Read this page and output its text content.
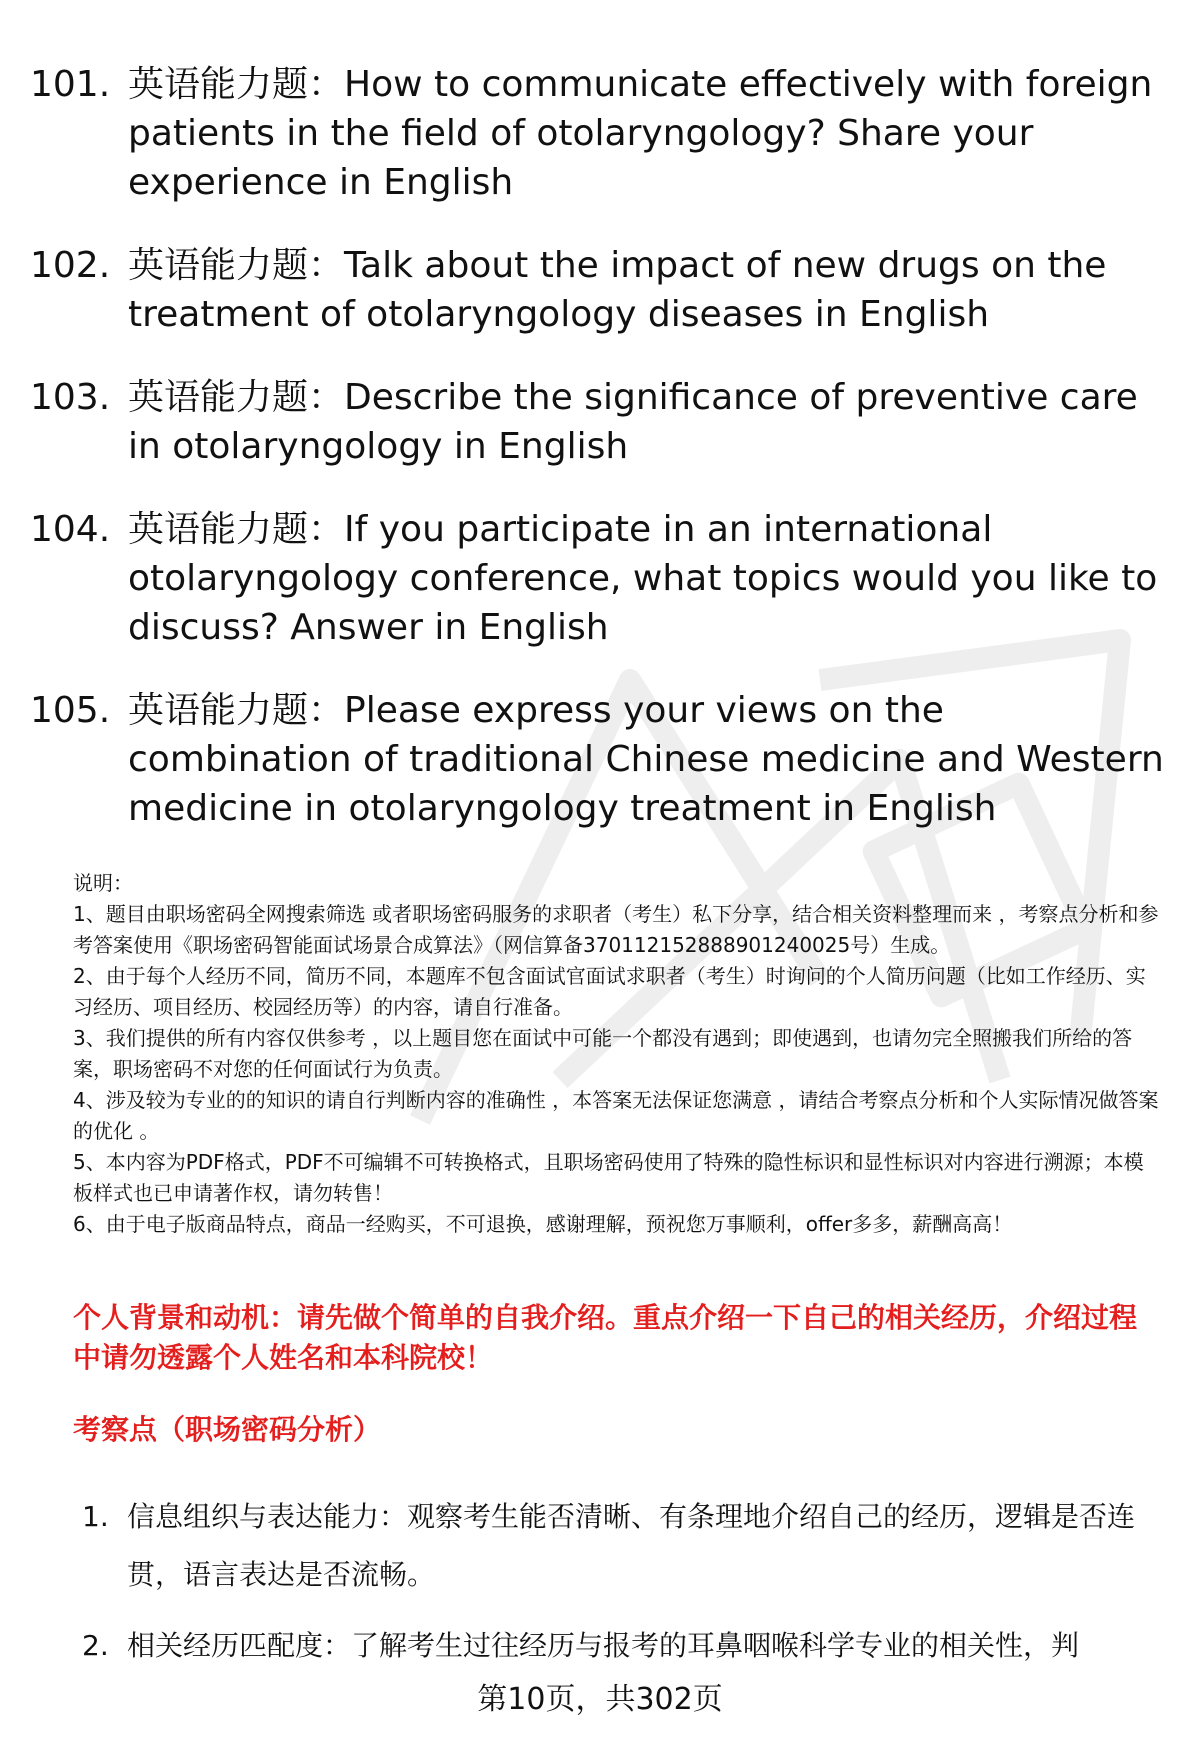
101. 英语能力题：How to communicate effectively with foreign patients in the field of otolaryngology? Share your experience in English
102. 英语能力题：Talk about the impact of new drugs on the treatment of otolaryngology diseases in English
103. 英语能力题：Describe the significance of preventive care in otolaryngology in English
104. 英语能力题：If you participate in an international otolaryngology conference, what topics would you like to discuss? Answer in English
105. 英语能力题：Please express your views on the combination of traditional Chinese medicine and Western medicine in otolaryngology treatment in English

说明：

1、题目由职场密码全网搜索筛选 或者职场密码服务的求职者（考生）私下分享，结合相关资料整理而来 ，考察点分析和参考答案使用《职场密码智能面试场景合成算法》（网信算备370112152888901240025号）生成。

2、由于每个人经历不同，简历不同，本题库不包含面试官面试求职者（考生）时询问的个人简历问题（比如工作经历、实习经历、项目经历、校园经历等）的内容，请自行准备。

3、我们提供的所有内容仅供参考 ，以上题目您在面试中可能一个都没有遇到；即使遇到，也请勿完全照搬我们所给的答案，职场密码不对您的任何面试行为负责。

4、涉及较为专业的的知识的请自行判断内容的准确性 ，本答案无法保证您满意 ，请结合考察点分析和个人实际情况做答案的优化 。

5、本内容为PDF格式，PDF不可编辑不可转换格式，且职场密码使用了特殊的隐性标识和显性标识对内容进行溯源；本模板样式也已申请著作权，请勿转售！

6、由于电子版商品特点，商品一经购买，不可退换，感谢理解，预祝您万事顺利，offer多多，薪酬高高！

个人背景和动机：请先做个简单的自我介绍。重点介绍一下自己的相关经历，介绍过程中请勿透露个人姓名和本科院校！

考察点（职场密码分析）

1. 信息组织与表达能力：观察考生能否清晰、有条理地介绍自己的经历，逻辑是否连贯，语言表达是否流畅。
2. 相关经历匹配度：了解考生过往经历与报考的耳鼻咽喉科学专业的相关性，判
第10页，共302页
